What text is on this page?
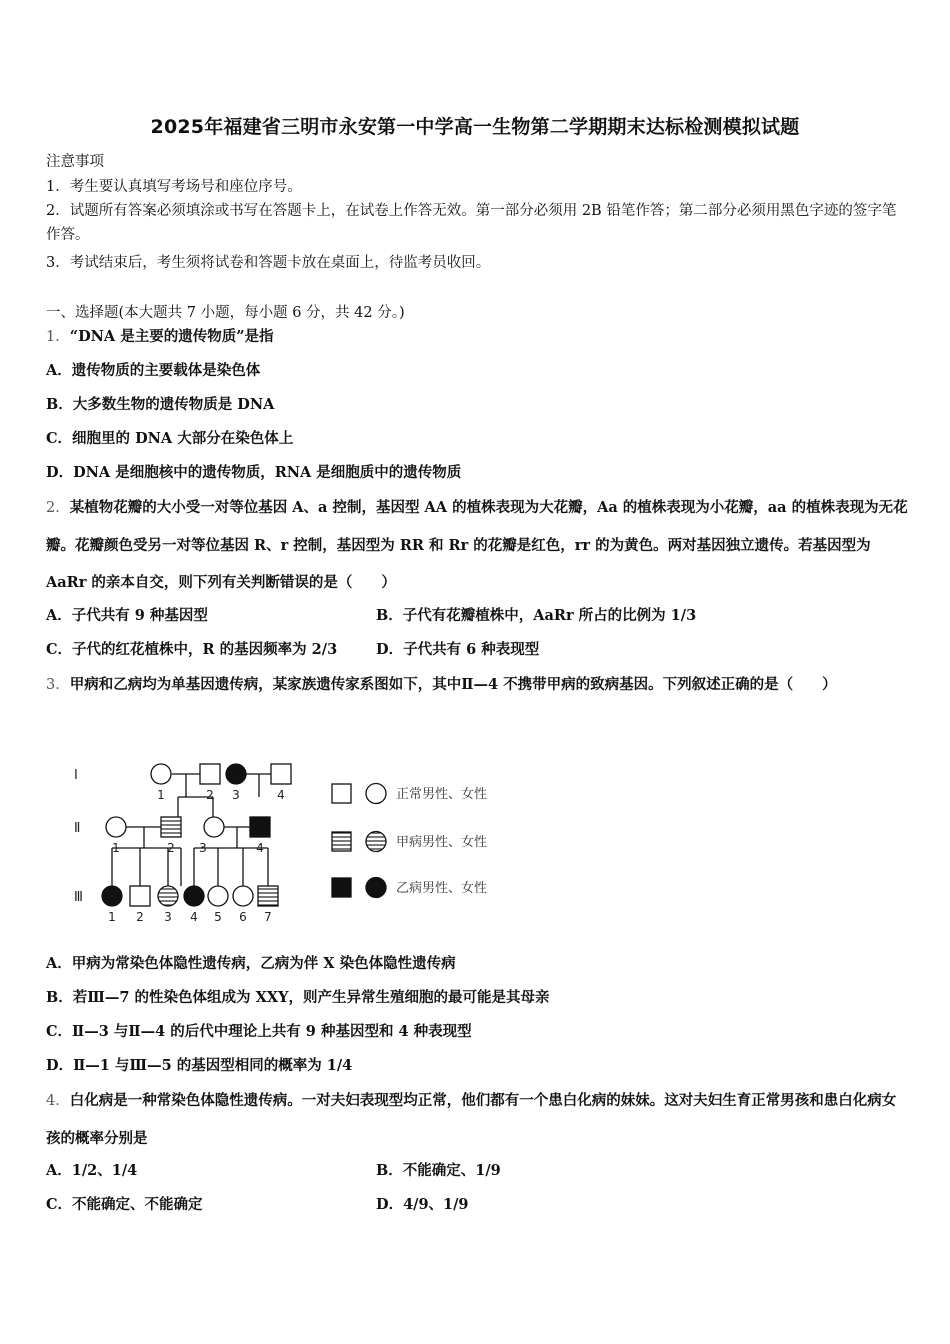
2025年福建省三明市永安第一中学高一生物第二学期期末达标检测模拟试题
注意事项
1．考生要认真填写考场号和座位序号。
2．试题所有答案必须填涂或书写在答题卡上，在试卷上作答无效。第一部分必须用 2B 铅笔作答；第二部分必须用黑色字迹的签字笔作答。
3．考试结束后，考生须将试卷和答题卡放在桌面上，待监考员收回。
一、选择题(本大题共 7 小题，每小题 6 分，共 42 分。)
1．“DNA 是主要的遗传物质”是指
A．遗传物质的主要载体是染色体
B．大多数生物的遗传物质是 DNA
C．细胞里的 DNA 大部分在染色体上
D．DNA 是细胞核中的遗传物质，RNA 是细胞质中的遗传物质
2．某植物花瓣的大小受一对等位基因 A、a 控制，基因型 AA 的植株表现为大花瓣，Aa 的植株表现为小花瓣，aa 的植株表现为无花瓣。花瓣颜色受另一对等位基因 R、r 控制，基因型为 RR 和 Rr 的花瓣是红色，rr 的为黄色。两对基因独立遗传。若基因型为 AaRr 的亲本自交，则下列有关判断错误的是（　　）
A．子代共有 9 种基因型	B．子代有花瓣植株中，AaRr 所占的比例为 1/3
C．子代的红花植株中，R 的基因频率为 2/3	D．子代共有 6 种表现型
3．甲病和乙病均为单基因遗传病，某家族遗传家系图如下，其中Ⅱ—4 不携带甲病的致病基因。下列叙述正确的是（　　）
Ⅰ
Ⅱ
Ⅲ
1	2 3	4
1	2 3	4
1 2 3 4 5 6 7
正常男性、女性
甲病男性、女性
乙病男性、女性
A．甲病为常染色体隐性遗传病，乙病为伴 X 染色体隐性遗传病
B．若Ⅲ—7 的性染色体组成为 XXY，则产生异常生殖细胞的最可能是其母亲
C．Ⅱ—3 与Ⅱ—4 的后代中理论上共有 9 种基因型和 4 种表现型
D．Ⅱ—1 与Ⅲ—5 的基因型相同的概率为 1/4
4．白化病是一种常染色体隐性遗传病。一对夫妇表现型均正常，他们都有一个患白化病的妹妹。这对夫妇生育正常男孩和患白化病女孩的概率分别是
A．1/2、1/4	B．不能确定、1/9
C．不能确定、不能确定	D．4/9、1/9
